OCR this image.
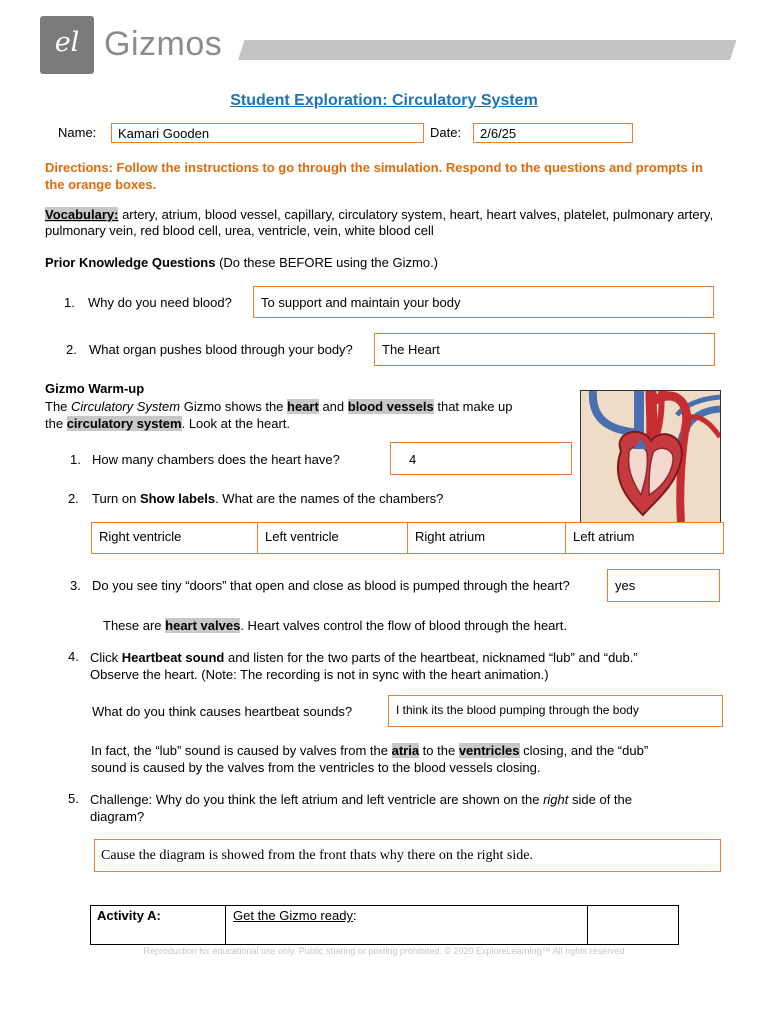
el Gizmos
Student Exploration: Circulatory System
Name:	Kamari Gooden	Date:	2/6/25
Directions: Follow the instructions to go through the simulation. Respond to the questions and prompts in the orange boxes.
Vocabulary: artery, atrium, blood vessel, capillary, circulatory system, heart, heart valves, platelet, pulmonary artery, pulmonary vein, red blood cell, urea, ventricle, vein, white blood cell
Prior Knowledge Questions (Do these BEFORE using the Gizmo.)
1. Why do you need blood?	To support and maintain your body
2. What organ pushes blood through your body?	The Heart
Gizmo Warm-up
The Circulatory System Gizmo shows the heart and blood vessels that make up
the circulatory system. Look at the heart.
1. How many chambers does the heart have?	4
2. Turn on Show labels. What are the names of the chambers?
Right ventricle	Left ventricle	Right atrium	Left atrium
3. Do you see tiny “doors” that open and close as blood is pumped through the heart?	yes
These are heart valves. Heart valves control the flow of blood through the heart.
4. Click Heartbeat sound and listen for the two parts of the heartbeat, nicknamed “lub” and “dub.”
Observe the heart. (Note: The recording is not in sync with the heart animation.)
What do you think causes heartbeat sounds?	I think its the blood pumping through the body
In fact, the “lub” sound is caused by valves from the atria to the ventricles closing, and the “dub”
sound is caused by the valves from the ventricles to the blood vessels closing.
5. Challenge: Why do you think the left atrium and left ventricle are shown on the right side of the
diagram?
Cause the diagram is showed from the front thats why there on the right side.
Activity A:	Get the Gizmo ready:
Reproduction for educational use only. Public sharing or posting prohibited. © 2020 ExploreLearning™ All rights reserved
